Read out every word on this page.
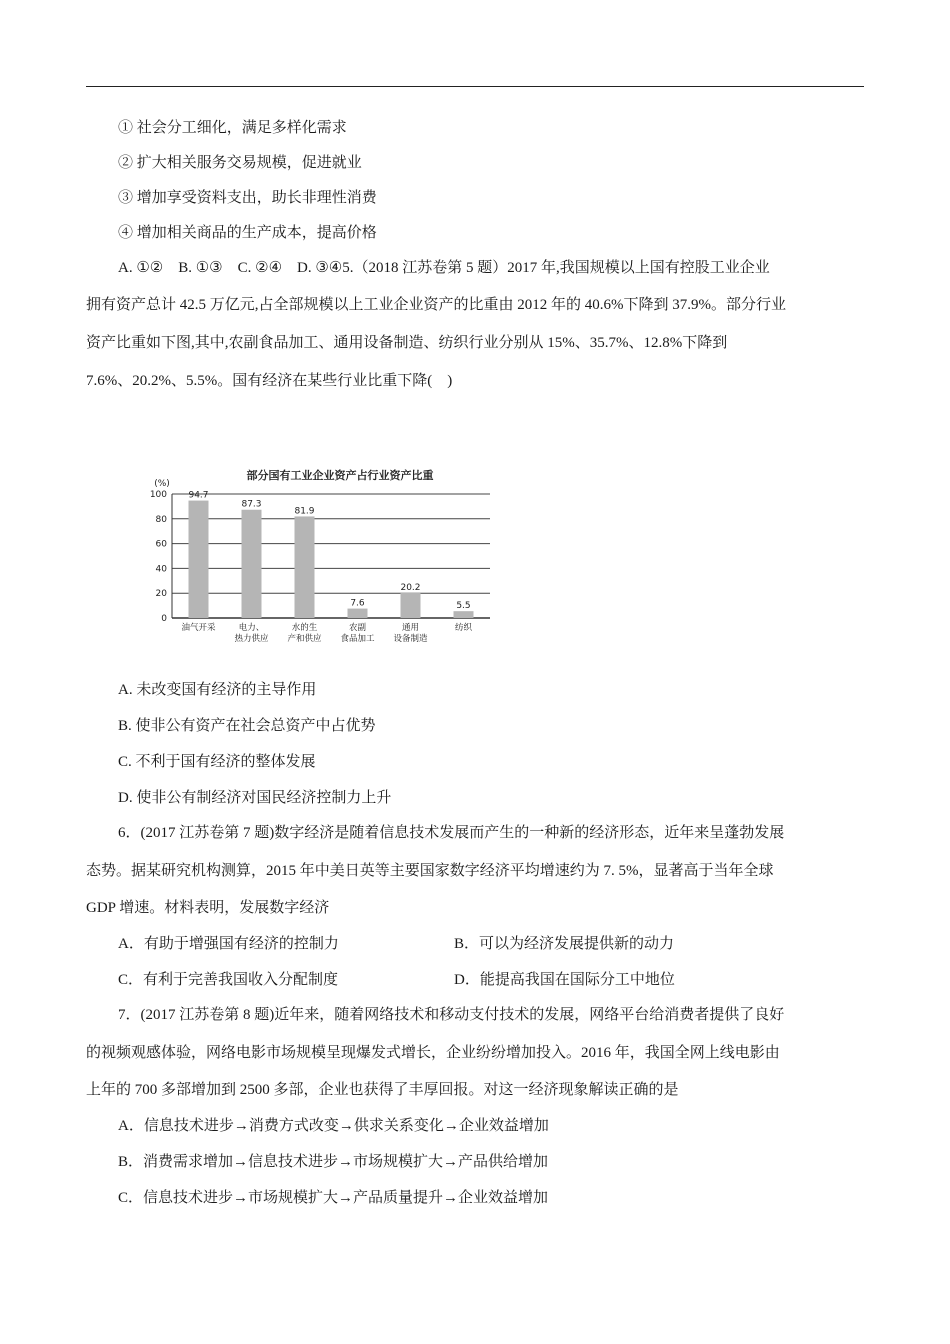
① 社会分工细化，满足多样化需求
② 扩大相关服务交易规模，促进就业
③ 增加享受资料支出，助长非理性消费
④ 增加相关商品的生产成本，提高价格
A. ①②　B. ①③　C. ②④　D. ③④5.（2018 江苏卷第 5 题）2017 年,我国规模以上国有控股工业企业
拥有资产总计 42.5 万亿元,占全部规模以上工业企业资产的比重由 2012 年的 40.6%下降到 37.9%。部分行业
资产比重如下图,其中,农副食品加工、通用设备制造、纺织行业分别从 15%、35.7%、12.8%下降到
7.6%、20.2%、5.5%。国有经济在某些行业比重下降(　)
部分国有工业企业资产占行业资产比重
(%)
0
20
40
60
80
100 94.7
87.3
81.9
7.6
20.2
5.5
油气开采	电力、
热力供应
水的生
产和供应
农副
食品加工
通用
设备制造
纺织
A. 未改变国有经济的主导作用
B. 使非公有资产在社会总资产中占优势
C. 不利于国有经济的整体发展
D. 使非公有制经济对国民经济控制力上升
6．(2017 江苏卷第 7 题)数字经济是随着信息技术发展而产生的一种新的经济形态，近年来呈蓬勃发展
态势。据某研究机构测算，2015 年中美日英等主要国家数字经济平均增速约为 7. 5%，显著高于当年全球
GDP 增速。材料表明，发展数字经济
A．有助于增强国有经济的控制力	B．可以为经济发展提供新的动力
C．有利于完善我国收入分配制度	D．能提高我国在国际分工中地位
7．(2017 江苏卷第 8 题)近年来，随着网络技术和移动支付技术的发展，网络平台给消费者提供了良好
的视频观感体验，网络电影市场规模呈现爆发式增长，企业纷纷增加投入。2016 年，我国全网上线电影由
上年的 700 多部增加到 2500 多部，企业也获得了丰厚回报。对这一经济现象解读正确的是
A．信息技术进步→消费方式改变→供求关系变化→企业效益增加
B．消费需求增加→信息技术进步→市场规模扩大→产品供给增加
C．信息技术进步→市场规模扩大→产品质量提升→企业效益增加
